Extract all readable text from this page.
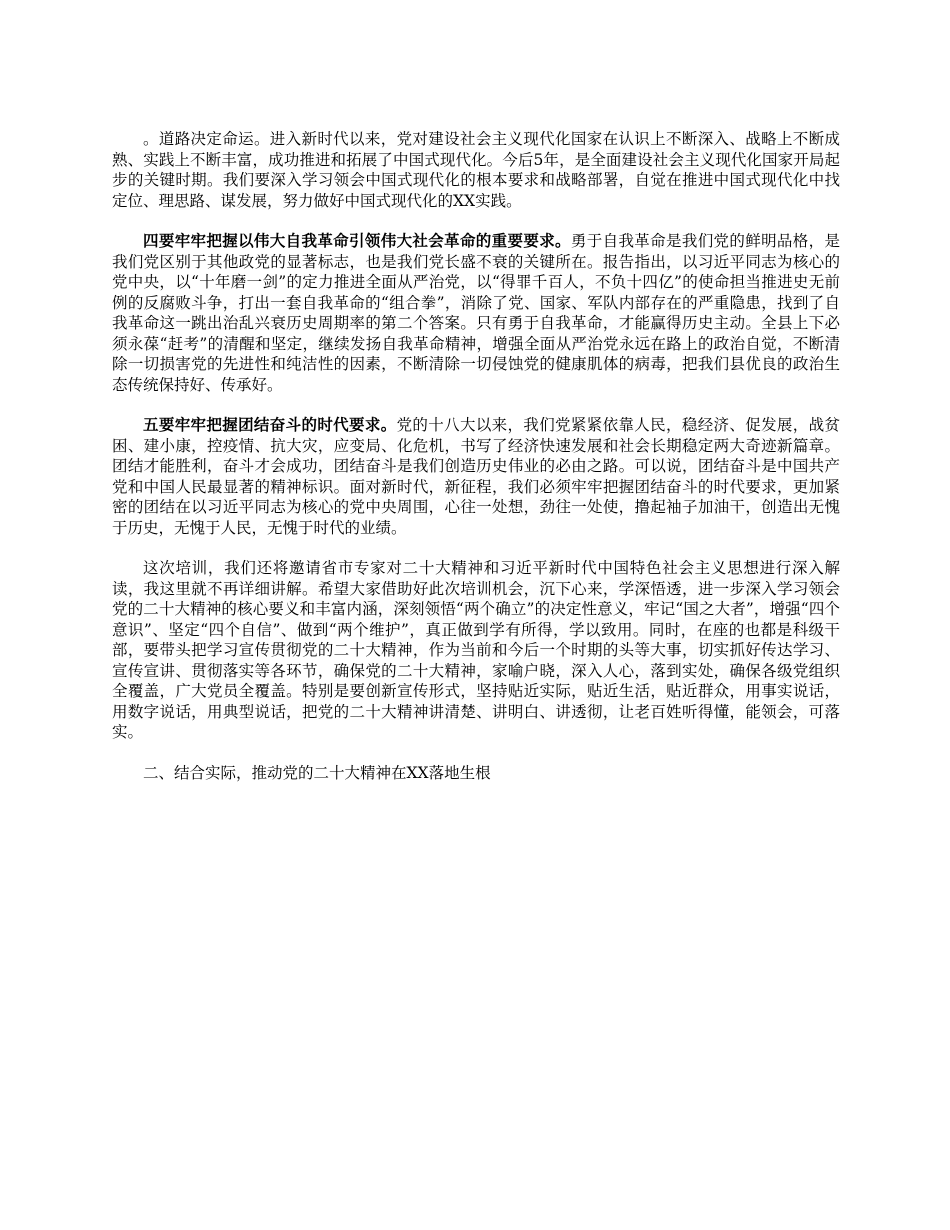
。道路决定命运。进入新时代以来，党对建设社会主义现代化国家在认识上不断深入、战略上不断成熟、实践上不断丰富，成功推进和拓展了中国式现代化。今后5年，是全面建设社会主义现代化国家开局起步的关键时期。我们要深入学习领会中国式现代化的根本要求和战略部署，自觉在推进中国式现代化中找定位、理思路、谋发展，努力做好中国式现代化的XX实践。

四要牢牢把握以伟大自我革命引领伟大社会革命的重要要求。勇于自我革命是我们党的鲜明品格，是我们党区别于其他政党的显著标志，也是我们党长盛不衰的关键所在。报告指出，以习近平同志为核心的党中央，以“十年磨一剑”的定力推进全面从严治党，以“得罪千百人，不负十四亿”的使命担当推进史无前例的反腐败斗争，打出一套自我革命的“组合拳”，消除了党、国家、军队内部存在的严重隐患，找到了自我革命这一跳出治乱兴衰历史周期率的第二个答案。只有勇于自我革命，才能赢得历史主动。全县上下必须永葆“赶考”的清醒和坚定，继续发扬自我革命精神，增强全面从严治党永远在路上的政治自觉，不断清除一切损害党的先进性和纯洁性的因素，不断清除一切侵蚀党的健康肌体的病毒，把我们县优良的政治生态传统保持好、传承好。

五要牢牢把握团结奋斗的时代要求。党的十八大以来，我们党紧紧依靠人民，稳经济、促发展，战贫困、建小康，控疫情、抗大灾，应变局、化危机，书写了经济快速发展和社会长期稳定两大奇迹新篇章。团结才能胜利，奋斗才会成功，团结奋斗是我们创造历史伟业的必由之路。可以说，团结奋斗是中国共产党和中国人民最显著的精神标识。面对新时代，新征程，我们必须牢牢把握团结奋斗的时代要求，更加紧密的团结在以习近平同志为核心的党中央周围，心往一处想，劲往一处使，撸起袖子加油干，创造出无愧于历史，无愧于人民，无愧于时代的业绩。

这次培训，我们还将邀请省市专家对二十大精神和习近平新时代中国特色社会主义思想进行深入解读，我这里就不再详细讲解。希望大家借助好此次培训机会，沉下心来，学深悟透，进一步深入学习领会党的二十大精神的核心要义和丰富内涵，深刻领悟“两个确立”的决定性意义，牢记“国之大者”，增强“四个意识”、坚定“四个自信”、做到“两个维护”，真正做到学有所得，学以致用。同时，在座的也都是科级干部，要带头把学习宣传贯彻党的二十大精神，作为当前和今后一个时期的头等大事，切实抓好传达学习、宣传宣讲、贯彻落实等各环节，确保党的二十大精神，家喻户晓，深入人心，落到实处，确保各级党组织全覆盖，广大党员全覆盖。特别是要创新宣传形式，坚持贴近实际，贴近生活，贴近群众，用事实说话，用数字说话，用典型说话，把党的二十大精神讲清楚、讲明白、讲透彻，让老百姓听得懂，能领会，可落实。

二、结合实际，推动党的二十大精神在XX落地生根
